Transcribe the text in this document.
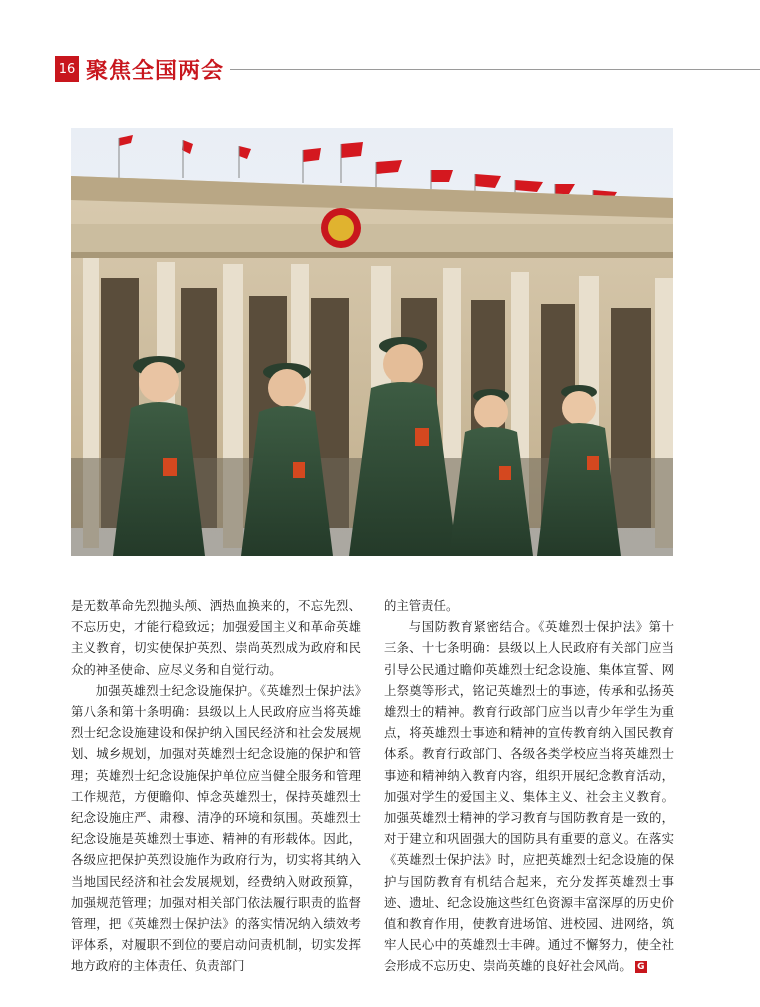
16 聚焦全国两会

是无数革命先烈抛头颅、洒热血换来的，不忘先烈、不忘历史，才能行稳致远；加强爱国主义和革命英雄主义教育，切实使保护英烈、崇尚英烈成为政府和民众的神圣使命、应尽义务和自觉行动。

加强英雄烈士纪念设施保护。《英雄烈士保护法》第八条和第十条明确：县级以上人民政府应当将英雄烈士纪念设施建设和保护纳入国民经济和社会发展规划、城乡规划，加强对英雄烈士纪念设施的保护和管理；英雄烈士纪念设施保护单位应当健全服务和管理工作规范，方便瞻仰、悼念英雄烈士，保持英雄烈士纪念设施庄严、肃穆、清净的环境和氛围。英雄烈士纪念设施是英雄烈士事迹、精神的有形载体。因此，各级应把保护英烈设施作为政府行为，切实将其纳入当地国民经济和社会发展规划，经费纳入财政预算，加强规范管理；加强对相关部门依法履行职责的监督管理，把《英雄烈士保护法》的落实情况纳入绩效考评体系，对履职不到位的要启动问责机制，切实发挥地方政府的主体责任、负责部门

的主管责任。

与国防教育紧密结合。《英雄烈士保护法》第十三条、十七条明确：县级以上人民政府有关部门应当引导公民通过瞻仰英雄烈士纪念设施、集体宣誓、网上祭奠等形式，铭记英雄烈士的事迹，传承和弘扬英雄烈士的精神。教育行政部门应当以青少年学生为重点，将英雄烈士事迹和精神的宣传教育纳入国民教育体系。教育行政部门、各级各类学校应当将英雄烈士事迹和精神纳入教育内容，组织开展纪念教育活动，加强对学生的爱国主义、集体主义、社会主义教育。加强英雄烈士精神的学习教育与国防教育是一致的，对于建立和巩固强大的国防具有重要的意义。在落实《英雄烈士保护法》时，应把英雄烈士纪念设施的保护与国防教育有机结合起来，充分发挥英雄烈士事迹、遗址、纪念设施这些红色资源丰富深厚的历史价值和教育作用，使教育进场馆、进校园、进网络，筑牢人民心中的英雄烈士丰碑。通过不懈努力，使全社会形成不忘历史、崇尚英雄的良好社会风尚。 G
